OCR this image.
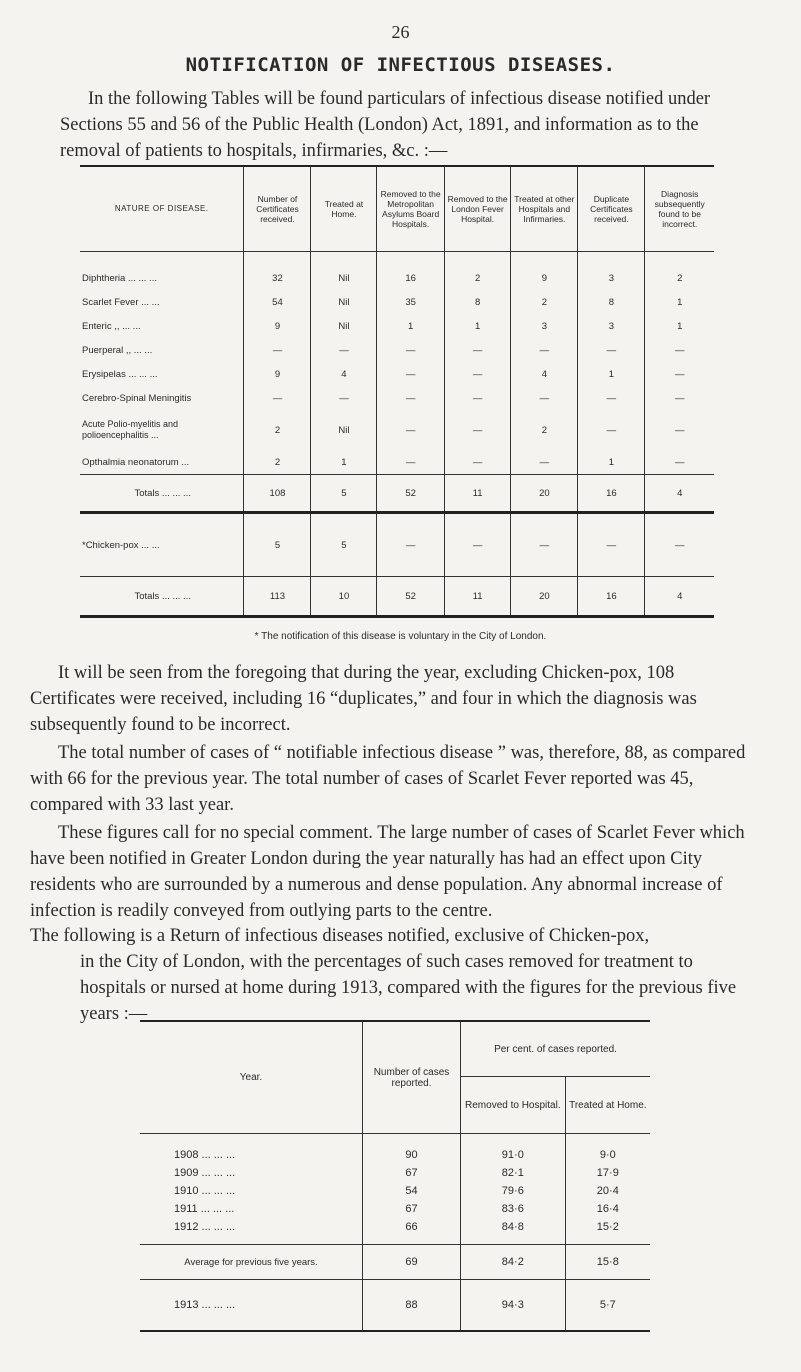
26
NOTIFICATION OF INFECTIOUS DISEASES.
In the following Tables will be found particulars of infectious disease notified under Sections 55 and 56 of the Public Health (London) Act, 1891, and information as to the removal of patients to hospitals, infirmaries, &c. :—
NATURE OF DISEASE.	Number of Certificates received.	Treated at Home.	Removed to the Metropolitan Asylums Board Hospitals.	Removed to the London Fever Hospital.	Treated at other Hospitals and Infirmaries.	Duplicate Certificates received.	Diagnosis subsequently found to be incorrect.
Diphtheria ... ... ...	32	Nil	16	2	9	3	2
Scarlet Fever ... ...	54	Nil	35	8	2	8	1
Enteric ,, ... ...	9	Nil	1	1	3	3	1
Puerperal ,, ... ...	—	—	—	—	—	—	—
Erysipelas ... ... ...	9	4	—	—	4	1	—
Cerebro-Spinal Meningitis	—	—	—	—	—	—	—
Acute Polio-myelitis and polioencephalitis ...	2	Nil	—	—	2	—	—
Opthalmia neonatorum ...	2	1	—	—	—	1	—
Totals ... ... ...	108	5	52	11	20	16	4
*Chicken-pox ... ...	5	5	—	—	—	—	—
Totals ... ... ...	113	10	52	11	20	16	4
* The notification of this disease is voluntary in the City of London.
It will be seen from the foregoing that during the year, excluding Chicken-pox, 108 Certificates were received, including 16 “duplicates,” and four in which the diagnosis was subsequently found to be incorrect.
The total number of cases of “ notifiable infectious disease ” was, therefore, 88, as compared with 66 for the previous year. The total number of cases of Scarlet Fever reported was 45, compared with 33 last year.
These figures call for no special comment. The large number of cases of Scarlet Fever which have been notified in Greater London during the year naturally has had an effect upon City residents who are surrounded by a numerous and dense population. Any abnormal increase of infection is readily conveyed from outlying parts to the centre.
The following is a Return of infectious diseases notified, exclusive of Chicken-pox,
in the City of London, with the percentages of such cases removed for treatment to hospitals or nursed at home during 1913, compared with the figures for the previous five years :—
Year.	Number of cases reported.	Per cent. of cases reported.	
		Removed to Hospital.	Treated at Home.
1908 ... ... ...	90	91·0	9·0
1909 ... ... ...	67	82·1	17·9
1910 ... ... ...	54	79·6	20·4
1911 ... ... ...	67	83·6	16·4
1912 ... ... ...	66	84·8	15·2
Average for previous five years.	69	84·2	15·8
1913 ... ... ...	88	94·3	5·7
